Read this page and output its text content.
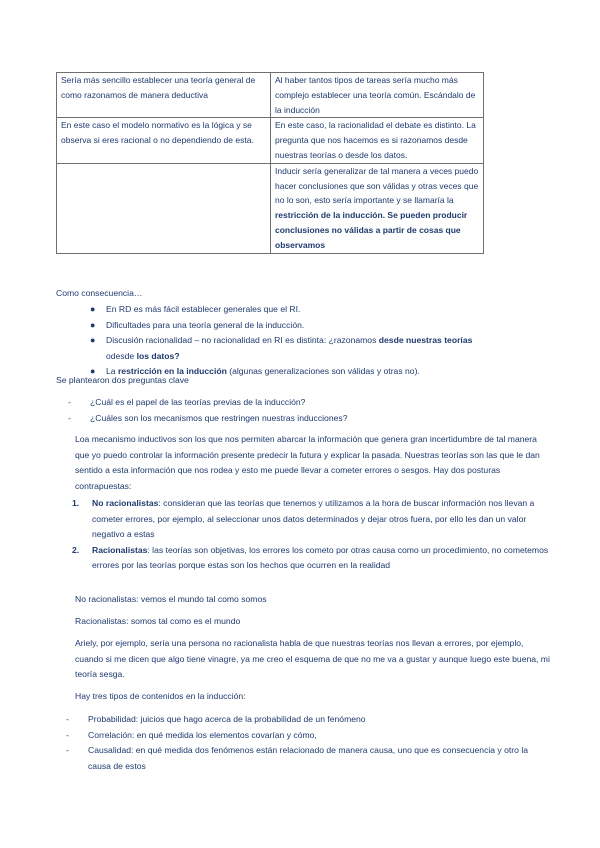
Sería más sencillo establecer una teoría general de como razonamos de manera deductiva	Al haber tantos tipos de tareas sería mucho más complejo establecer una teoría común. Escándalo de la inducción
En este caso el modelo normativo es la lógica y se observa si eres racional o no dependiendo de esta.	En este caso, la racionalidad el debate es distinto. La pregunta que nos hacemos es si razonamos desde nuestras teorías o desde los datos.
	Inducir sería generalizar de tal manera a veces puedo hacer conclusiones que son válidas y otras veces que no lo son, esto sería importante y se llamaría la restricción de la inducción. Se pueden producir conclusiones no válidas a partir de cosas que observamos
Como consecuencia…
● En RD es más fácil establecer generales que el RI.
● Dificultades para una teoría general de la inducción.
● Discusión racionalidad – no racionalidad en RI es distinta: ¿razonamos desde nuestras teorías odesde los datos?
● La restricción en la inducción (algunas generalizaciones son válidas y otras no).
Se plantearon dos preguntas clave
- ¿Cuál es el papel de las teorías previas de la inducción?
- ¿Cuáles son los mecanismos que restringen nuestras inducciones?
Loa mecanismo inductivos son los que nos permiten abarcar la información que genera gran incertidumbre de tal manera que yo puedo controlar la información presente predecir la futura y explicar la pasada. Nuestras teorías son las que le dan sentido a esta información que nos rodea y esto me puede llevar a cometer errores o sesgos. Hay dos posturas contrapuestas:
1. No racionalistas: consideran que las teorías que tenemos y utilizamos a la hora de buscar información nos llevan a cometer errores, por ejemplo, al seleccionar unos datos determinados y dejar otros fuera, por ello les dan un valor negativo a estas
2. Racionalistas: las teorías son objetivas, los errores los cometo por otras causa como un procedimiento, no cometemos errores por las teorías porque estas son los hechos que ocurren en la realidad
No racionalistas: vemos el mundo tal como somos
Racionalistas: somos tal como es el mundo
Ariely, por ejemplo, sería una persona no racionalista habla de que nuestras teorías nos llevan a errores, por ejemplo, cuando si me dicen que algo tiene vinagre, ya me creo el esquema de que no me va a gustar y aunque luego este buena, mi teoría sesga.
Hay tres tipos de contenidos en la inducción:
- Probabilidad: juicios que hago acerca de la probabilidad de un fenómeno
- Correlación: en qué medida los elementos covarían y cómo,
- Causalidad: en qué medida dos fenómenos están relacionado de manera causa, uno que es consecuencia y otro la causa de estos
